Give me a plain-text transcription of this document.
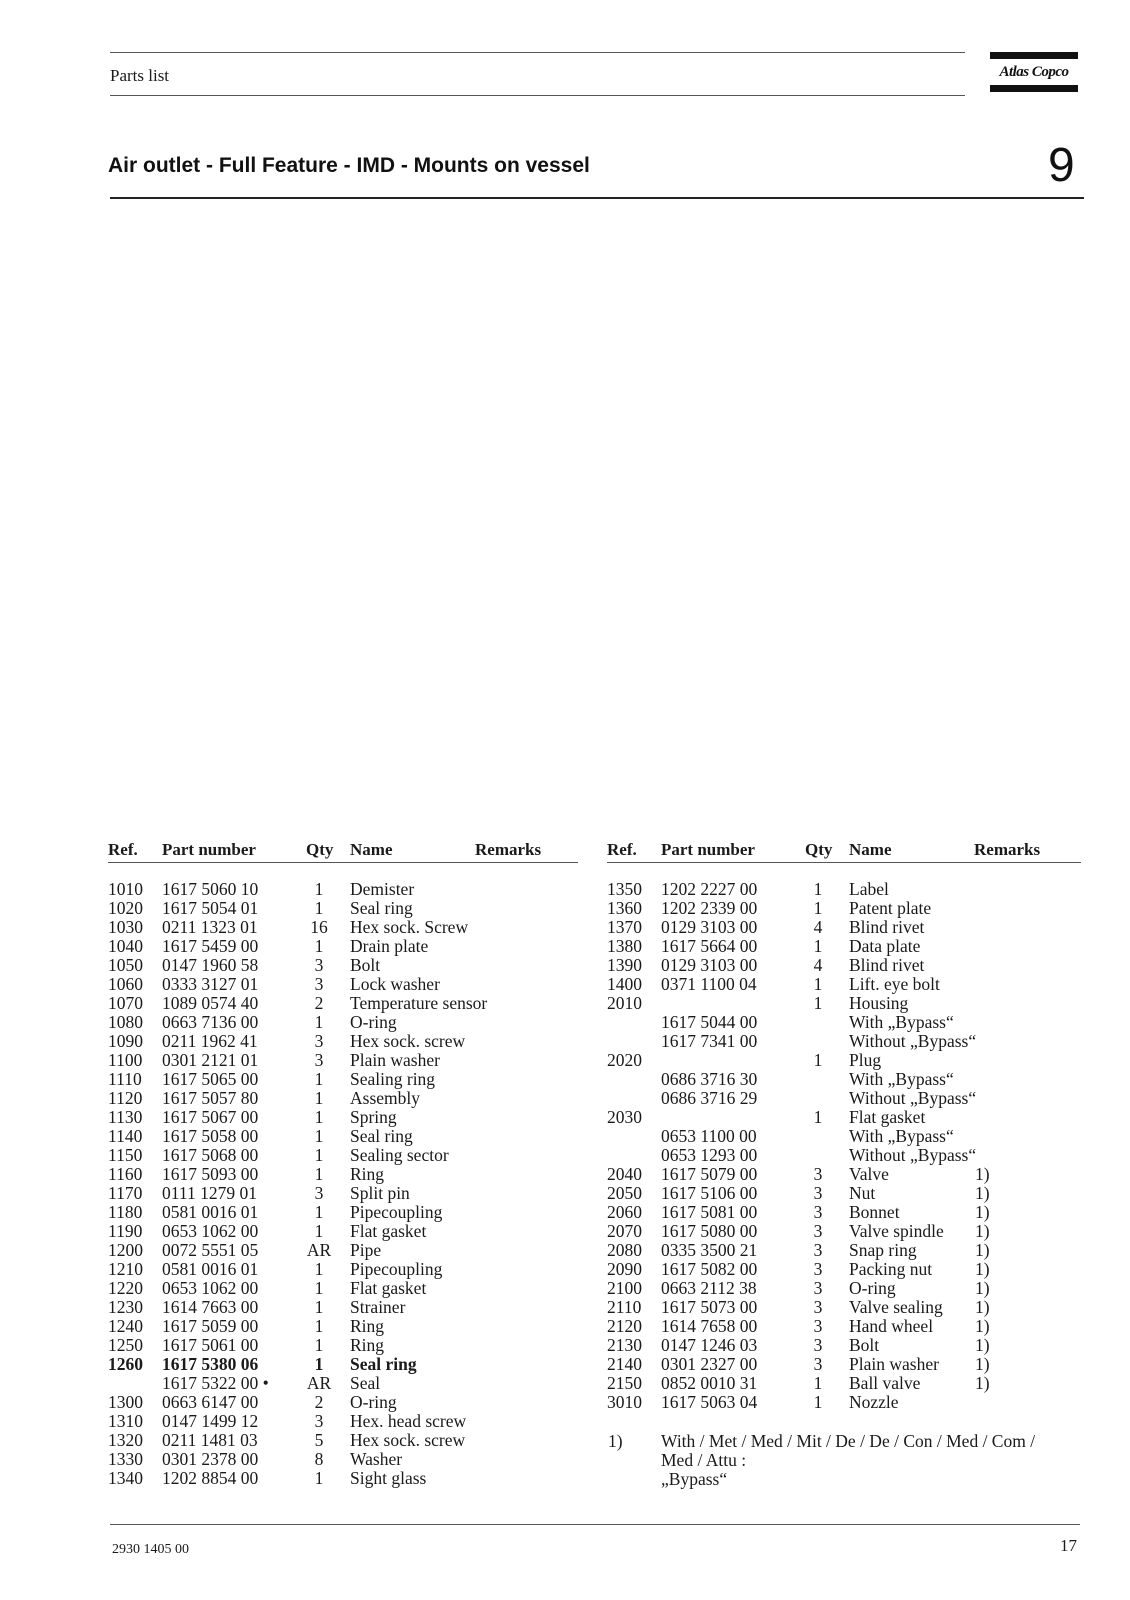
Parts list	Atlas Copco
Air outlet - Full Feature - IMD - Mounts on vessel	9
Ref. Part number	Qty Name	Remarks
1010 1617 5060 10	1	Demister
1020 1617 5054 01	1	Seal ring
1030 0211 1323 01	16	Hex sock. Screw
1040 1617 5459 00	1	Drain plate
1050 0147 1960 58	3	Bolt
1060 0333 3127 01	3	Lock washer
1070 1089 0574 40	2	Temperature sensor
1080 0663 7136 00	1	O-ring
1090 0211 1962 41	3	Hex sock. screw
1100 0301 2121 01	3	Plain washer
1110 1617 5065 00	1	Sealing ring
1120 1617 5057 80	1	Assembly
1130 1617 5067 00	1	Spring
1140 1617 5058 00	1	Seal ring
1150 1617 5068 00	1	Sealing sector
1160 1617 5093 00	1	Ring
1170 0111 1279 01	3	Split pin
1180 0581 0016 01	1	Pipecoupling
1190 0653 1062 00	1	Flat gasket
1200 0072 5551 05	AR Pipe
1210 0581 0016 01	1	Pipecoupling
1220 0653 1062 00	1	Flat gasket
1230 1614 7663 00	1	Strainer
1240 1617 5059 00	1	Ring
1250 1617 5061 00	1	Ring
1260 1617 5380 06	1	Seal ring
1617 5322 00 • AR Seal
1300 0663 6147 00	2	O-ring
1310 0147 1499 12	3	Hex. head screw
1320 0211 1481 03	5	Hex sock. screw
1330 0301 2378 00	8	Washer
1340 1202 8854 00	1	Sight glass
Ref. Part number	Qty Name	Remarks
1350 1202 2227 00	1	Label
1360 1202 2339 00	1	Patent plate
1370 0129 3103 00	4	Blind rivet
1380 1617 5664 00	1	Data plate
1390 0129 3103 00	4	Blind rivet
1400 0371 1100 04	1	Lift. eye bolt
2010	1	Housing
1617 5044 00	With „Bypass“
1617 7341 00	Without „Bypass“
2020	1	Plug
0686 3716 30	With „Bypass“
0686 3716 29	Without „Bypass“
2030	1	Flat gasket
0653 1100 00	With „Bypass“
0653 1293 00	Without „Bypass“
2040 1617 5079 00	3	Valve	1)
2050 1617 5106 00	3	Nut	1)
2060 1617 5081 00	3	Bonnet	1)
2070 1617 5080 00	3	Valve spindle 1)
2080 0335 3500 21	3	Snap ring	1)
2090 1617 5082 00	3	Packing nut 1)
2100 0663 2112 38	3	O-ring	1)
2110 1617 5073 00	3	Valve sealing 1)
2120 1614 7658 00	3	Hand wheel 1)
2130 0147 1246 03	3	Bolt	1)
2140 0301 2327 00	3	Plain washer 1)
2150 0852 0010 31	1	Ball valve	1)
3010 1617 5063 04	1	Nozzle
1) With / Met / Med / Mit / De / De / Con / Med / Com /
Med / Attu :
„Bypass“
2930 1405 00	17
